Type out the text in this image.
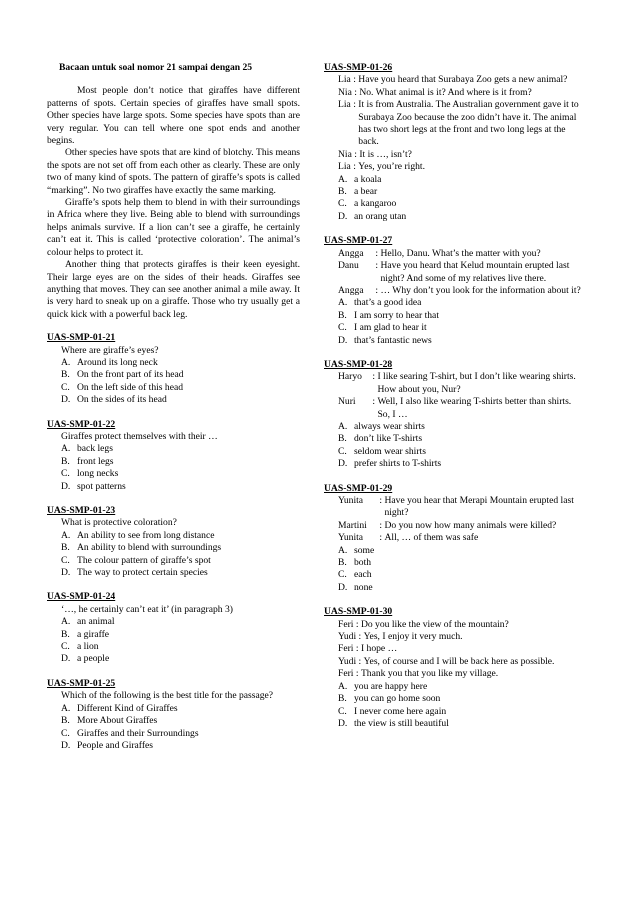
Bacaan untuk soal nomor 21 sampai dengan 25

Most people don’t notice that giraffes have different patterns of spots. Certain species of giraffes have small spots. Other species have large spots. Some species have spots than are very regular. You can tell where one spot ends and another begins.

Other species have spots that are kind of blotchy. This means the spots are not set off from each other as clearly. These are only two of many kind of spots. The pattern of giraffe’s spots is called “marking”. No two giraffes have exactly the same marking.

Giraffe’s spots help them to blend in with their surroundings in Africa where they live. Being able to blend with surroundings helps animals survive. If a lion can’t see a giraffe, he certainly can’t eat it. This is called ‘protective coloration’. The animal’s colour helps to protect it.

Another thing that protects giraffes is their keen eyesight. Their large eyes are on the sides of their heads. Giraffes see anything that moves. They can see another animal a mile away. It is very hard to sneak up on a giraffe. Those who try usually get a quick kick with a powerful back leg.

UAS-SMP-01-21
Where are giraffe’s eyes?
A. Around its long neck
B. On the front part of its head
C. On the left side of this head
D. On the sides of its head
UAS-SMP-01-22
Giraffes protect themselves with their …
A. back legs
B. front legs
C. long necks
D. spot patterns
UAS-SMP-01-23
What is protective coloration?
A. An ability to see from long distance
B. An ability to blend with surroundings
C. The colour pattern of giraffe’s spot
D. The way to protect certain species
UAS-SMP-01-24
‘…, he certainly can’t eat it’ (in paragraph 3)
A. an animal
B. a giraffe
C. a lion
D. a people
UAS-SMP-01-25
Which of the following is the best title for the passage?
A. Different Kind of Giraffes
B. More About Giraffes
C. Giraffes and their Surroundings
D. People and Giraffes
UAS-SMP-01-26
Lia : Have you heard that Surabaya Zoo gets a new animal?
Nia : No. What animal is it? And where is it from?
Lia : It is from Australia. The Australian government gave it to Surabaya Zoo because the zoo didn’t have it. The animal has two short legs at the front and two long legs at the back.
Nia : It is …, isn’t?
Lia : Yes, you’re right.
A. a koala
B. a bear
C. a kangaroo
D. an orang utan
UAS-SMP-01-27
Angga : Hello, Danu. What’s the matter with you?
Danu	: Have you heard that Kelud mountain erupted last night? And some of my relatives live there.
Angga : … Why don’t you look for the information about it?
A. that’s a good idea
B. I am sorry to hear that
C. I am glad to hear it
D. that’s fantastic news
UAS-SMP-01-28
Haryo : I like searing T-shirt, but I don’t like wearing shirts. How about you, Nur?
Nuri	: Well, I also like wearing T-shirts better than shirts. So, I …
A. always wear shirts
B. don’t like T-shirts
C. seldom wear shirts
D. prefer shirts to T-shirts
UAS-SMP-01-29
Yunita	: Have you hear that Merapi Mountain erupted last night?
Martini	: Do you now how many animals were killed?
Yunita	: All, … of them was safe
A. some
B. both
C. each
D. none
UAS-SMP-01-30
Feri : Do you like the view of the mountain?
Yudi : Yes, I enjoy it very much.
Feri : I hope …
Yudi : Yes, of course and I will be back here as possible.
Feri : Thank you that you like my village.
A. you are happy here
B. you can go home soon
C. I never come here again
D. the view is still beautiful
